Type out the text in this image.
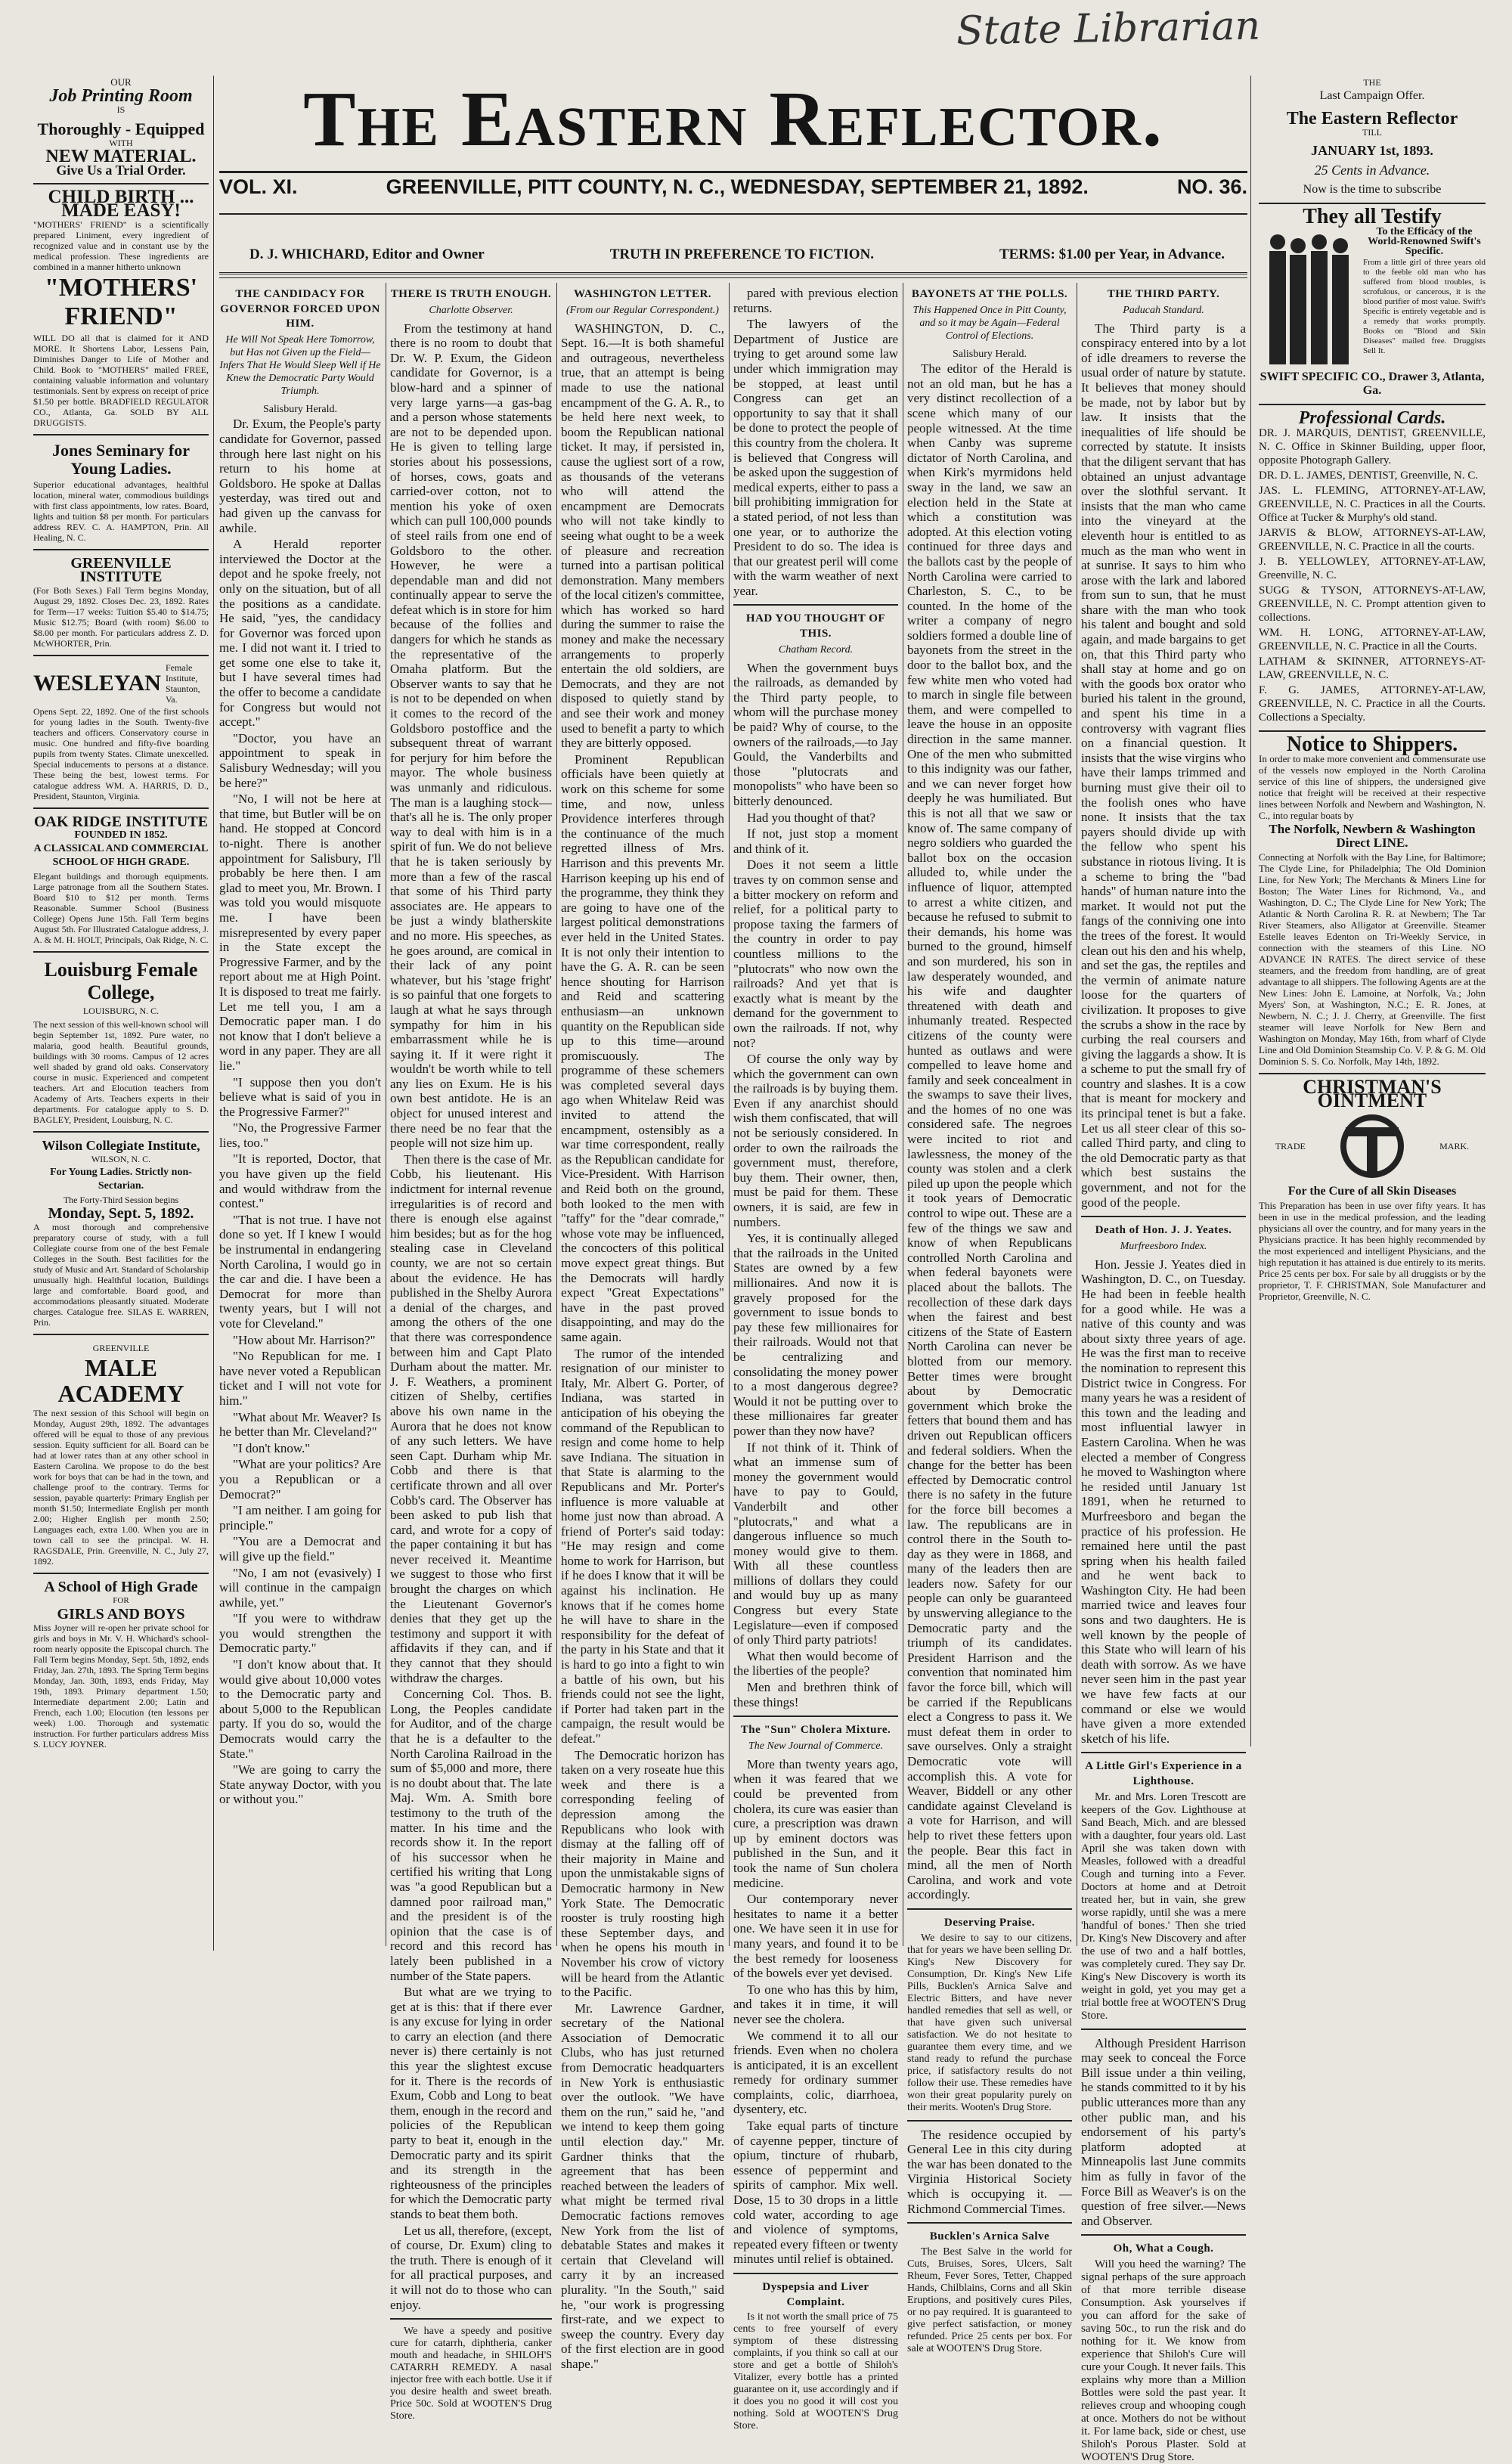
State Librarian
OUR
Job Printing Room
IS
Thoroughly - Equipped
WITH
NEW MATERIAL.
Give Us a Trial Order.
CHILD BIRTH ... MADE EASY!

"MOTHERS' FRIEND" is a scientifically prepared Liniment, every ingredient of recognized value and in constant use by the medical profession. These ingredients are combined in a manner hitherto unknown

"MOTHERS' FRIEND"

WILL DO all that is claimed for it AND MORE. It Shortens Labor, Lessens Pain, Diminishes Danger to Life of Mother and Child. Book to "MOTHERS" mailed FREE, containing valuable information and voluntary testimonials. Sent by express on receipt of price $1.50 per bottle. BRADFIELD REGULATOR CO., Atlanta, Ga. SOLD BY ALL DRUGGISTS.

Jones Seminary for Young Ladies.

Superior educational advantages, healthful location, mineral water, commodious buildings with first class appointments, low rates. Board, lights and tuition $8 per month. For particulars address REV. C. A. HAMPTON, Prin. All Healing, N. C.

GREENVILLE INSTITUTE

(For Both Sexes.) Fall Term begins Monday, August 29, 1892. Closes Dec. 23, 1892. Rates for Term—17 weeks: Tuition $5.40 to $14.75; Music $12.75; Board (with room) $6.00 to $8.00 per month. For particulars address Z. D. McWHORTER, Prin.

WESLEYAN
Female Institute, Staunton, Va.

Opens Sept. 22, 1892. One of the first schools for young ladies in the South. Twenty-five teachers and officers. Conservatory course in music. One hundred and fifty-five boarding pupils from twenty States. Climate unexcelled. Special inducements to persons at a distance. These being the best, lowest terms. For catalogue address WM. A. HARRIS, D. D., President, Staunton, Virginia.

OAK RIDGE INSTITUTE
FOUNDED IN 1852.
A CLASSICAL AND COMMERCIAL SCHOOL OF HIGH GRADE.

Elegant buildings and thorough equipments. Large patronage from all the Southern States. Board $10 to $12 per month. Terms Reasonable. Summer School (Business College) Opens June 15th. Fall Term begins August 5th. For Illustrated Catalogue address, J. A. & M. H. HOLT, Principals, Oak Ridge, N. C.

Louisburg Female College,
LOUISBURG, N. C.

The next session of this well-known school will begin September 1st, 1892. Pure water, no malaria, good health. Beautiful grounds, buildings with 30 rooms. Campus of 12 acres well shaded by grand old oaks. Conservatory course in music. Experienced and competent teachers. Art and Elocution teachers from Academy of Arts. Teachers experts in their departments. For catalogue apply to S. D. BAGLEY, President, Louisburg, N. C.

Wilson Collegiate Institute,
WILSON, N. C.
For Young Ladies. Strictly non-Sectarian.
The Forty-Third Session begins
Monday, Sept. 5, 1892.

A most thorough and comprehensive preparatory course of study, with a full Collegiate course from one of the best Female Colleges in the South. Best facilities for the study of Music and Art. Standard of Scholarship unusually high. Healthful location, Buildings large and comfortable. Board good, and accommodations pleasantly situated. Moderate charges. Catalogue free. SILAS E. WARREN, Prin.

GREENVILLE
MALE ACADEMY

The next session of this School will begin on Monday, August 29th, 1892. The advantages offered will be equal to those of any previous session. Equity sufficient for all. Board can be had at lower rates than at any other school in Eastern Carolina. We propose to do the best work for boys that can be had in the town, and challenge proof to the contrary. Terms for session, payable quarterly: Primary English per month $1.50; Intermediate English per month 2.00; Higher English per month 2.50; Languages each, extra 1.00. When you are in town call to see the principal. W. H. RAGSDALE, Prin. Greenville, N. C., July 27, 1892.

A School of High Grade
FOR
GIRLS AND BOYS

Miss Joyner will re-open her private school for girls and boys in Mr. V. H. Whichard's school-room nearly opposite the Episcopal church. The Fall Term begins Monday, Sept. 5th, 1892, ends Friday, Jan. 27th, 1893. The Spring Term begins Monday, Jan. 30th, 1893, ends Friday, May 19th, 1893. Primary department 1.50; Intermediate department 2.00; Latin and French, each 1.00; Elocution (ten lessons per week) 1.00. Thorough and systematic instruction. For further particulars address Miss S. LUCY JOYNER.

The Eastern Reflector.
VOL. XI.	GREENVILLE, PITT COUNTY, N. C., WEDNESDAY, SEPTEMBER 21, 1892.	NO. 36.
D. J. WHICHARD, Editor and Owner	TRUTH IN PREFERENCE TO FICTION.	TERMS: $1.00 per Year, in Advance.
THE CANDIDACY FOR GOVERNOR FORCED UPON HIM.
He Will Not Speak Here Tomorrow, but Has not Given up the Field—Infers That He Would Sleep Well if He Knew the Democratic Party Would Triumph.
Salisbury Herald.

Dr. Exum, the People's party candidate for Governor, passed through here last night on his return to his home at Goldsboro. He spoke at Dallas yesterday, was tired out and had given up the canvass for awhile.

A Herald reporter interviewed the Doctor at the depot and he spoke freely, not only on the situation, but of all the positions as a candidate. He said, "yes, the candidacy for Governor was forced upon me. I did not want it. I tried to get some one else to take it, but I have several times had the offer to become a candidate for Congress but would not accept."

"Doctor, you have an appointment to speak in Salisbury Wednesday; will you be here?"

"No, I will not be here at that time, but Butler will be on hand. He stopped at Concord to-night. There is another appointment for Salisbury, I'll probably be here then. I am glad to meet you, Mr. Brown. I was told you would misquote me. I have been misrepresented by every paper in the State except the Progressive Farmer, and by the report about me at High Point. It is disposed to treat me fairly. Let me tell you, I am a Democratic paper man. I do not know that I don't believe a word in any paper. They are all lie."

"I suppose then you don't believe what is said of you in the Progressive Farmer?"

"No, the Progressive Farmer lies, too."

"It is reported, Doctor, that you have given up the field and would withdraw from the contest."

"That is not true. I have not done so yet. If I knew I would be instrumental in endangering North Carolina, I would go in the car and die. I have been a Democrat for more than twenty years, but I will not vote for Cleveland."

"How about Mr. Harrison?"

"No Republican for me. I have never voted a Republican ticket and I will not vote for him."

"What about Mr. Weaver? Is he better than Mr. Cleveland?"

"I don't know."

"What are your politics? Are you a Republican or a Democrat?"

"I am neither. I am going for principle."

"You are a Democrat and will give up the field."

"No, I am not (evasively) I will continue in the campaign awhile, yet."

"If you were to withdraw you would strengthen the Democratic party."

"I don't know about that. It would give about 10,000 votes to the Democratic party and about 5,000 to the Republican party. If you do so, would the Democrats would carry the State."

"We are going to carry the State anyway Doctor, with you or without you."

THERE IS TRUTH ENOUGH.
Charlotte Observer.

From the testimony at hand there is no room to doubt that Dr. W. P. Exum, the Gideon candidate for Governor, is a blow-hard and a spinner of very large yarns—a gas-bag and a person whose statements are not to be depended upon. He is given to telling large stories about his possessions, of horses, cows, goats and carried-over cotton, not to mention his yoke of oxen which can pull 100,000 pounds of steel rails from one end of Goldsboro to the other. However, he were a dependable man and did not continually appear to serve the defeat which is in store for him because of the follies and dangers for which he stands as the representative of the Omaha platform. But the Observer wants to say that he is not to be depended on when it comes to the record of the Goldsboro postoffice and the subsequent threat of warrant for perjury for him before the mayor. The whole business was unmanly and ridiculous. The man is a laughing stock—that's all he is. The only proper way to deal with him is in a spirit of fun. We do not believe that he is taken seriously by more than a few of the rascal that some of his Third party associates are. He appears to be just a windy blatherskite and no more. His speeches, as he goes around, are comical in their lack of any point whatever, but his 'stage fright' is so painful that one forgets to laugh at what he says through sympathy for him in his embarrassment while he is saying it. If it were right it wouldn't be worth while to tell any lies on Exum. He is his own best antidote. He is an object for unused interest and there need be no fear that the people will not size him up.

Then there is the case of Mr. Cobb, his lieutenant. His indictment for internal revenue irregularities is of record and there is enough else against him besides; but as for the hog stealing case in Cleveland county, we are not so certain about the evidence. He has published in the Shelby Aurora a denial of the charges, and among the others of the one that there was correspondence between him and Capt Plato Durham about the matter. Mr. J. F. Weathers, a prominent citizen of Shelby, certifies above his own name in the Aurora that he does not know of any such letters. We have seen Capt. Durham whip Mr. Cobb and there is that certificate thrown and all over Cobb's card. The Observer has been asked to pub lish that card, and wrote for a copy of the paper containing it but has never received it. Meantime we suggest to those who first brought the charges on which the Lieutenant Governor's denies that they get up the testimony and support it with affidavits if they can, and if they cannot that they should withdraw the charges.

Concerning Col. Thos. B. Long, the Peoples candidate for Auditor, and of the charge that he is a defaulter to the North Carolina Railroad in the sum of $5,000 and more, there is no doubt about that. The late Maj. Wm. A. Smith bore testimony to the truth of the matter. In his time and the records show it. In the report of his successor when he certified his writing that Long was "a good Republican but a damned poor railroad man," and the president is of the opinion that the case is of record and this record has lately been published in a number of the State papers.

But what are we trying to get at is this: that if there ever is any excuse for lying in order to carry an election (and there never is) there certainly is not this year the slightest excuse for it. There is the records of Exum, Cobb and Long to beat them, enough in the record and policies of the Republican party to beat it, enough in the Democratic party and its spirit and its strength in the righteousness of the principles for which the Democratic party stands to beat them both.

Let us all, therefore, (except, of course, Dr. Exum) cling to the truth. There is enough of it for all practical purposes, and it will not do to those who can enjoy.

We have a speedy and positive cure for catarrh, diphtheria, canker mouth and headache, in SHILOH'S CATARRH REMEDY. A nasal injector free with each bottle. Use it if you desire health and sweet breath. Price 50c. Sold at WOOTEN'S Drug Store.

WASHINGTON LETTER.
(From our Regular Correspondent.)

WASHINGTON, D. C., Sept. 16.—It is both shameful and outrageous, nevertheless true, that an attempt is being made to use the national encampment of the G. A. R., to be held here next week, to boom the Republican national ticket. It may, if persisted in, cause the ugliest sort of a row, as thousands of the veterans who will attend the encampment are Democrats who will not take kindly to seeing what ought to be a week of pleasure and recreation turned into a partisan political demonstration. Many members of the local citizen's committee, which has worked so hard during the summer to raise the money and make the necessary arrangements to properly entertain the old soldiers, are Democrats, and they are not disposed to quietly stand by and see their work and money used to benefit a party to which they are bitterly opposed.

Prominent Republican officials have been quietly at work on this scheme for some time, and now, unless Providence interferes through the continuance of the much regretted illness of Mrs. Harrison and this prevents Mr. Harrison keeping up his end of the programme, they think they are going to have one of the largest political demonstrations ever held in the United States. It is not only their intention to have the G. A. R. can be seen hence shouting for Harrison and Reid and scattering enthusiasm—an unknown quantity on the Republican side up to this time—around promiscuously. The programme of these schemers was completed several days ago when Whitelaw Reid was invited to attend the encampment, ostensibly as a war time correspondent, really as the Republican candidate for Vice-President. With Harrison and Reid both on the ground, both looked to the men with "taffy" for the "dear comrade," whose vote may be influenced, the concocters of this political move expect great things. But the Democrats will hardly expect "Great Expectations" have in the past proved disappointing, and may do the same again.

The rumor of the intended resignation of our minister to Italy, Mr. Albert G. Porter, of Indiana, was started in anticipation of his obeying the command of the Republican to resign and come home to help save Indiana. The situation in that State is alarming to the Republicans and Mr. Porter's influence is more valuable at home just now than abroad. A friend of Porter's said today: "He may resign and come home to work for Harrison, but if he does I know that it will be against his inclination. He knows that if he comes home he will have to share in the responsibility for the defeat of the party in his State and that it is hard to go into a fight to win a battle of his own, but his friends could not see the light, if Porter had taken part in the campaign, the result would be defeat."

The Democratic horizon has taken on a very roseate hue this week and there is a corresponding feeling of depression among the Republicans who look with dismay at the falling off of their majority in Maine and upon the unmistakable signs of Democratic harmony in New York State. The Democratic rooster is truly roosting high these September days, and when he opens his mouth in November his crow of victory will be heard from the Atlantic to the Pacific.

Mr. Lawrence Gardner, secretary of the National Association of Democratic Clubs, who has just returned from Democratic headquarters in New York is enthusiastic over the outlook. "We have them on the run," said he, "and we intend to keep them going until election day." Mr. Gardner thinks that the agreement that has been reached between the leaders of what might be termed rival Democratic factions removes New York from the list of debatable States and makes it certain that Cleveland will carry it by an increased plurality. "In the South," said he, "our work is progressing first-rate, and we expect to sweep the country. Every day of the first election are in good shape."

pared with previous election returns.

The lawyers of the Department of Justice are trying to get around some law under which immigration may be stopped, at least until Congress can get an opportunity to say that it shall be done to protect the people of this country from the cholera. It is believed that Congress will be asked upon the suggestion of medical experts, either to pass a bill prohibiting immigration for a stated period, of not less than one year, or to authorize the President to do so. The idea is that our greatest peril will come with the warm weather of next year.

HAD YOU THOUGHT OF THIS.
Chatham Record.

When the government buys the railroads, as demanded by the Third party people, to whom will the purchase money be paid? Why of course, to the owners of the railroads,—to Jay Gould, the Vanderbilts and those "plutocrats and monopolists" who have been so bitterly denounced.

Had you thought of that?

If not, just stop a moment and think of it.

Does it not seem a little traves ty on common sense and a bitter mockery on reform and relief, for a political party to propose taxing the farmers of the country in order to pay countless millions to the "plutocrats" who now own the railroads? And yet that is exactly what is meant by the demand for the government to own the railroads. If not, why not?

Of course the only way by which the government can own the railroads is by buying them. Even if any anarchist should wish them confiscated, that will not be seriously considered. In order to own the railroads the government must, therefore, buy them. Their owner, then, must be paid for them. These owners, it is said, are few in numbers.

Yes, it is continually alleged that the railroads in the United States are owned by a few millionaires. And now it is gravely proposed for the government to issue bonds to pay these few millionaires for their railroads. Would not that be centralizing and consolidating the money power to a most dangerous degree? Would it not be putting over to these millionaires far greater power than they now have?

If not think of it. Think of what an immense sum of money the government would have to pay to Gould, Vanderbilt and other "plutocrats," and what a dangerous influence so much money would give to them. With all these countless millions of dollars they could and would buy up as many Congress but every State Legislature—even if composed of only Third party patriots!

What then would become of the liberties of the people?

Men and brethren think of these things!

The "Sun" Cholera Mixture.
The New Journal of Commerce.

More than twenty years ago, when it was feared that we could be prevented from cholera, its cure was easier than cure, a prescription was drawn up by eminent doctors was published in the Sun, and it took the name of Sun cholera medicine.

Our contemporary never hesitates to name it a better one. We have seen it in use for many years, and found it to be the best remedy for looseness of the bowels ever yet devised.

To one who has this by him, and takes it in time, it will never see the cholera.

We commend it to all our friends. Even when no cholera is anticipated, it is an excellent remedy for ordinary summer complaints, colic, diarrhoea, dysentery, etc.

Take equal parts of tincture of cayenne pepper, tincture of opium, tincture of rhubarb, essence of peppermint and spirits of camphor. Mix well. Dose, 15 to 30 drops in a little cold water, according to age and violence of symptoms, repeated every fifteen or twenty minutes until relief is obtained.

Dyspepsia and Liver Complaint.

Is it not worth the small price of 75 cents to free yourself of every symptom of these distressing complaints, if you think so call at our store and get a bottle of Shiloh's Vitalizer, every bottle has a printed guarantee on it, use accordingly and if it does you no good it will cost you nothing. Sold at WOOTEN'S Drug Store.

BAYONETS AT THE POLLS.
This Happened Once in Pitt County, and so it may be Again—Federal Control of Elections.
Salisbury Herald.

The editor of the Herald is not an old man, but he has a very distinct recollection of a scene which many of our people witnessed. At the time when Canby was supreme dictator of North Carolina, and when Kirk's myrmidons held sway in the land, we saw an election held in the State at which a constitution was adopted. At this election voting continued for three days and the ballots cast by the people of North Carolina were carried to Charleston, S. C., to be counted. In the home of the writer a company of negro soldiers formed a double line of bayonets from the street in the door to the ballot box, and the few white men who voted had to march in single file between them, and were compelled to leave the house in an opposite direction in the same manner. One of the men who submitted to this indignity was our father, and we can never forget how deeply he was humiliated. But this is not all that we saw or know of. The same company of negro soldiers who guarded the ballot box on the occasion alluded to, while under the influence of liquor, attempted to arrest a white citizen, and because he refused to submit to their demands, his home was burned to the ground, himself and son murdered, his son in law desperately wounded, and his wife and daughter threatened with death and inhumanly treated. Respected citizens of the county were hunted as outlaws and were compelled to leave home and family and seek concealment in the swamps to save their lives, and the homes of no one was considered safe. The negroes were incited to riot and lawlessness, the money of the county was stolen and a clerk piled up upon the people which it took years of Democratic control to wipe out. These are a few of the things we saw and know of when Republicans controlled North Carolina and when federal bayonets were placed about the ballots. The recollection of these dark days when the fairest and best citizens of the State of Eastern North Carolina can never be blotted from our memory. Better times were brought about by Democratic government which broke the fetters that bound them and has driven out Republican officers and federal soldiers. When the change for the better has been effected by Democratic control there is no safety in the future for the force bill becomes a law. The republicans are in control there in the South to-day as they were in 1868, and many of the leaders then are leaders now. Safety for our people can only be guaranteed by unswerving allegiance to the Democratic party and the triumph of its candidates. President Harrison and the convention that nominated him favor the force bill, which will be carried if the Republicans elect a Congress to pass it. We must defeat them in order to save ourselves. Only a straight Democratic vote will accomplish this. A vote for Weaver, Biddell or any other candidate against Cleveland is a vote for Harrison, and will help to rivet these fetters upon the people. Bear this fact in mind, all the men of North Carolina, and work and vote accordingly.

Deserving Praise.

We desire to say to our citizens, that for years we have been selling Dr. King's New Discovery for Consumption, Dr. King's New Life Pills, Bucklen's Arnica Salve and Electric Bitters, and have never handled remedies that sell as well, or that have given such universal satisfaction. We do not hesitate to guarantee them every time, and we stand ready to refund the purchase price, if satisfactory results do not follow their use. These remedies have won their great popularity purely on their merits. Wooten's Drug Store.

The residence occupied by General Lee in this city during the war has been donated to the Virginia Historical Society which is occupying it. —Richmond Commercial Times.

Bucklen's Arnica Salve

The Best Salve in the world for Cuts, Bruises, Sores, Ulcers, Salt Rheum, Fever Sores, Tetter, Chapped Hands, Chilblains, Corns and all Skin Eruptions, and positively cures Piles, or no pay required. It is guaranteed to give perfect satisfaction, or money refunded. Price 25 cents per box. For sale at WOOTEN'S Drug Store.

THE THIRD PARTY.
Paducah Standard.

The Third party is a conspiracy entered into by a lot of idle dreamers to reverse the usual order of nature by statute. It believes that money should be made, not by labor but by law. It insists that the inequalities of life should be corrected by statute. It insists that the diligent servant that has obtained an unjust advantage over the slothful servant. It insists that the man who came into the vineyard at the eleventh hour is entitled to as much as the man who went in at sunrise. It says to him who arose with the lark and labored from sun to sun, that he must share with the man who took his talent and bought and sold again, and made bargains to get on, that this Third party who shall stay at home and go on with the goods box orator who buried his talent in the ground, and spent his time in a controversy with vagrant flies on a financial question. It insists that the wise virgins who have their lamps trimmed and burning must give their oil to the foolish ones who have none. It insists that the tax payers should divide up with the fellow who spent his substance in riotous living. It is a scheme to bring the "bad hands" of human nature into the market. It would not put the fangs of the conniving one into the trees of the forest. It would clean out his den and his whelp, and set the gas, the reptiles and the vermin of animate nature loose for the quarters of civilization. It proposes to give the scrubs a show in the race by curbing the real coursers and giving the laggards a show. It is a scheme to put the small fry of country and slashes. It is a cow that is meant for mockery and its principal tenet is but a fake. Let us all steer clear of this so-called Third party, and cling to the old Democratic party as that which best sustains the government, and not for the good of the people.

Death of Hon. J. J. Yeates.
Murfreesboro Index.

Hon. Jessie J. Yeates died in Washington, D. C., on Tuesday. He had been in feeble health for a good while. He was a native of this county and was about sixty three years of age. He was the first man to receive the nomination to represent this District twice in Congress. For many years he was a resident of this town and the leading and most influential lawyer in Eastern Carolina. When he was elected a member of Congress he moved to Washington where he resided until January 1st 1891, when he returned to Murfreesboro and began the practice of his profession. He remained here until the past spring when his health failed and he went back to Washington City. He had been married twice and leaves four sons and two daughters. He is well known by the people of this State who will learn of his death with sorrow. As we have never seen him in the past year we have few facts at our command or else we would have given a more extended sketch of his life.

A Little Girl's Experience in a Lighthouse.

Mr. and Mrs. Loren Trescott are keepers of the Gov. Lighthouse at Sand Beach, Mich. and are blessed with a daughter, four years old. Last April she was taken down with Measles, followed with a dreadful Cough and turning into a Fever. Doctors at home and at Detroit treated her, but in vain, she grew worse rapidly, until she was a mere 'handful of bones.' Then she tried Dr. King's New Discovery and after the use of two and a half bottles, was completely cured. They say Dr. King's New Discovery is worth its weight in gold, yet you may get a trial bottle free at WOOTEN'S Drug Store.

Although President Harrison may seek to conceal the Force Bill issue under a thin veiling, he stands committed to it by his public utterances more than any other public man, and his endorsement of his party's platform adopted at Minneapolis last June commits him as fully in favor of the Force Bill as Weaver's is on the question of free silver.—News and Observer.

Oh, What a Cough.

Will you heed the warning? The signal perhaps of the sure approach of that more terrible disease Consumption. Ask yourselves if you can afford for the sake of saving 50c., to run the risk and do nothing for it. We know from experience that Shiloh's Cure will cure your Cough. It never fails. This explains why more than a Million Bottles were sold the past year. It relieves croup and whooping cough at once. Mothers do not be without it. For lame back, side or chest, use Shiloh's Porous Plaster. Sold at WOOTEN'S Drug Store.

THE
Last Campaign Offer.
The Eastern Reflector
TILL
JANUARY 1st, 1893.
25 Cents in Advance.
Now is the time to subscribe
They all Testify
To the Efficacy of the World-Renowned Swift's Specific.

From a little girl of three years old to the feeble old man who has suffered from blood troubles, is scrofulous, or cancerous, it is the blood purifier of most value. Swift's Specific is entirely vegetable and is a remedy that works promptly. Books on "Blood and Skin Diseases" mailed free. Druggists Sell It.

SWIFT SPECIFIC CO., Drawer 3, Atlanta, Ga.
Professional Cards.

DR. J. MARQUIS, DENTIST, GREENVILLE, N. C. Office in Skinner Building, upper floor, opposite Photograph Gallery.

DR. D. L. JAMES, DENTIST, Greenville, N. C.

JAS. L. FLEMING, ATTORNEY-AT-LAW, GREENVILLE, N. C. Practices in all the Courts. Office at Tucker & Murphy's old stand.

JARVIS & BLOW, ATTORNEYS-AT-LAW, GREENVILLE, N. C. Practice in all the courts.

J. B. YELLOWLEY, ATTORNEY-AT-LAW, Greenville, N. C.

SUGG & TYSON, ATTORNEYS-AT-LAW, GREENVILLE, N. C. Prompt attention given to collections.

WM. H. LONG, ATTORNEY-AT-LAW, GREENVILLE, N. C. Practice in all the Courts.

LATHAM & SKINNER, ATTORNEYS-AT-LAW, GREENVILLE, N. C.

F. G. JAMES, ATTORNEY-AT-LAW, GREENVILLE, N. C. Practice in all the Courts. Collections a Specialty.

Notice to Shippers.

In order to make more convenient and commensurate use of the vessels now employed in the North Carolina service of this line of shippers, the undersigned give notice that freight will be received at their respective lines between Norfolk and Newbern and Washington, N. C., into regular boats by

The Norfolk, Newbern & Washington Direct LINE.

Connecting at Norfolk with the Bay Line, for Baltimore; The Clyde Line, for Philadelphia; The Old Dominion Line, for New York; The Merchants & Miners Line for Boston; The Water Lines for Richmond, Va., and Washington, D. C.; The Clyde Line for New York; The Atlantic & North Carolina R. R. at Newbern; The Tar River Steamers, also Alligator at Greenville. Steamer Estelle leaves Edenton on Tri-Weekly Service, in connection with the steamers of this Line. NO ADVANCE IN RATES. The direct service of these steamers, and the freedom from handling, are of great advantage to all shippers. The following Agents are at the New Lines: John E. Lamoine, at Norfolk, Va.; John Myers' Son, at Washington, N.C.; E. R. Jones, at Newbern, N. C.; J. J. Cherry, at Greenville. The first steamer will leave Norfolk for New Bern and Washington on Monday, May 16th, from wharf of Clyde Line and Old Dominion Steamship Co. V. P. & G. M. Old Dominion S. S. Co. Norfolk, May 14th, 1892.

CHRISTMAN'S OINTMENT
TRADE	MARK.
For the Cure of all Skin Diseases

This Preparation has been in use over fifty years. It has been in use in the medical profession, and the leading physicians all over the country, and for many years in the Physicians practice. It has been highly recommended by the most experienced and intelligent Physicians, and the high reputation it has attained is due entirely to its merits. Price 25 cents per box. For sale by all druggists or by the proprietor, T. F. CHRISTMAN, Sole Manufacturer and Proprietor, Greenville, N. C.
